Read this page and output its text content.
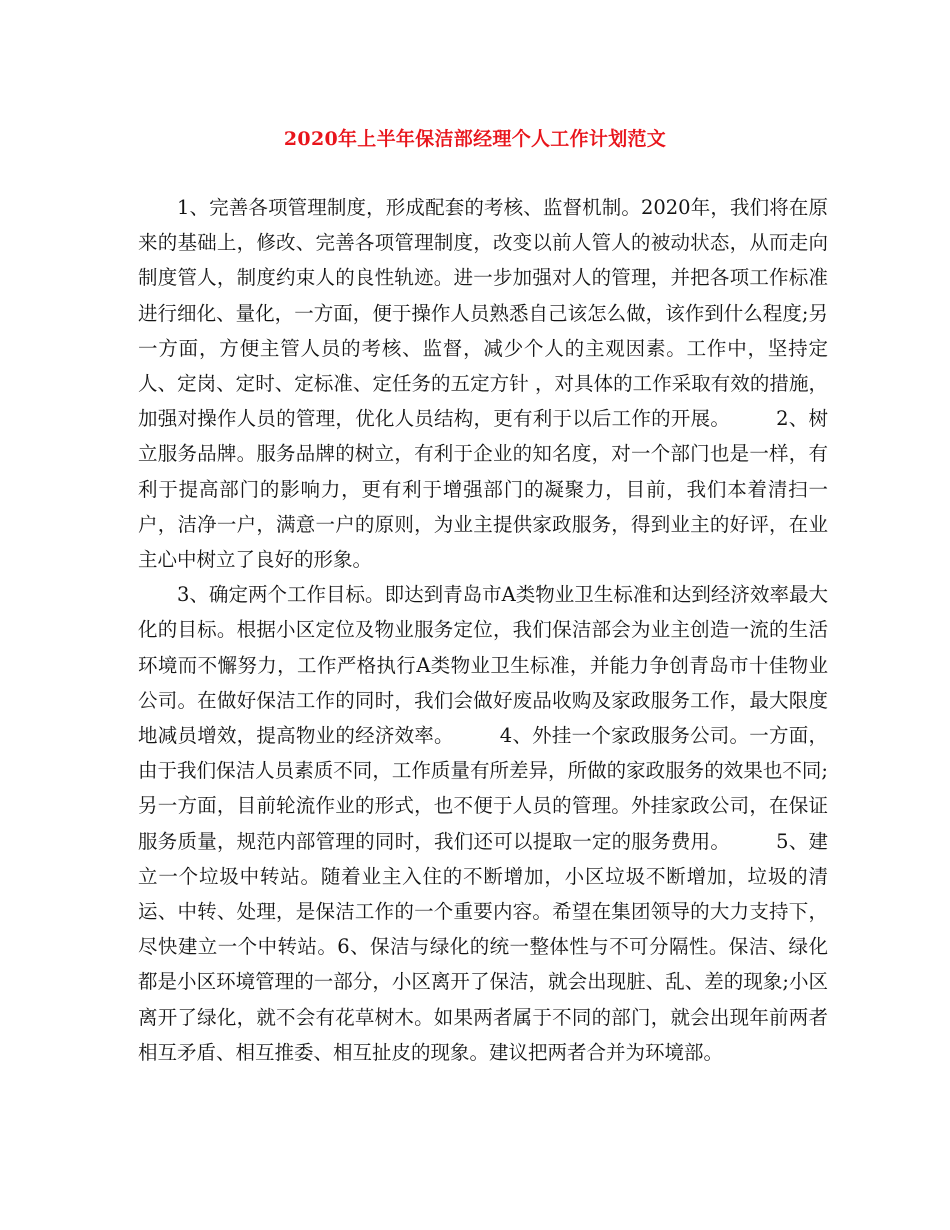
2020年上半年保洁部经理个人工作计划范文

1、完善各项管理制度，形成配套的考核、监督机制。2020年，我们将在原来的基础上，修改、完善各项管理制度，改变以前人管人的被动状态，从而走向制度管人，制度约束人的良性轨迹。进一步加强对人的管理，并把各项工作标准进行细化、量化，一方面，便于操作人员熟悉自己该怎么做，该作到什么程度;另一方面，方便主管人员的考核、监督，减少个人的主观因素。工作中，坚持定人、定岗、定时、定标准、定任务的五定方针 ，对具体的工作采取有效的措施，加强对操作人员的管理，优化人员结构，更有利于以后工作的开展。 2、树立服务品牌。服务品牌的树立，有利于企业的知名度，对一个部门也是一样，有利于提高部门的影响力，更有利于增强部门的凝聚力，目前，我们本着清扫一户，洁净一户，满意一户的原则，为业主提供家政服务，得到业主的好评，在业主心中树立了良好的形象。

3、确定两个工作目标。即达到青岛市A类物业卫生标准和达到经济效率最大化的目标。根据小区定位及物业服务定位，我们保洁部会为业主创造一流的生活环境而不懈努力，工作严格执行A类物业卫生标准，并能力争创青岛市十佳物业公司。在做好保洁工作的同时，我们会做好废品收购及家政服务工作，最大限度地减员增效，提高物业的经济效率。 4、外挂一个家政服务公司。一方面，由于我们保洁人员素质不同，工作质量有所差异，所做的家政服务的效果也不同;另一方面，目前轮流作业的形式，也不便于人员的管理。外挂家政公司，在保证服务质量，规范内部管理的同时，我们还可以提取一定的服务费用。 5、建立一个垃圾中转站。随着业主入住的不断增加，小区垃圾不断增加，垃圾的清运、中转、处理，是保洁工作的一个重要内容。希望在集团领导的大力支持下，尽快建立一个中转站。6、保洁与绿化的统一整体性与不可分隔性。保洁、绿化都是小区环境管理的一部分，小区离开了保洁，就会出现脏、乱、差的现象;小区离开了绿化，就不会有花草树木。如果两者属于不同的部门，就会出现年前两者相互矛盾、相互推委、相互扯皮的现象。建议把两者合并为环境部。
